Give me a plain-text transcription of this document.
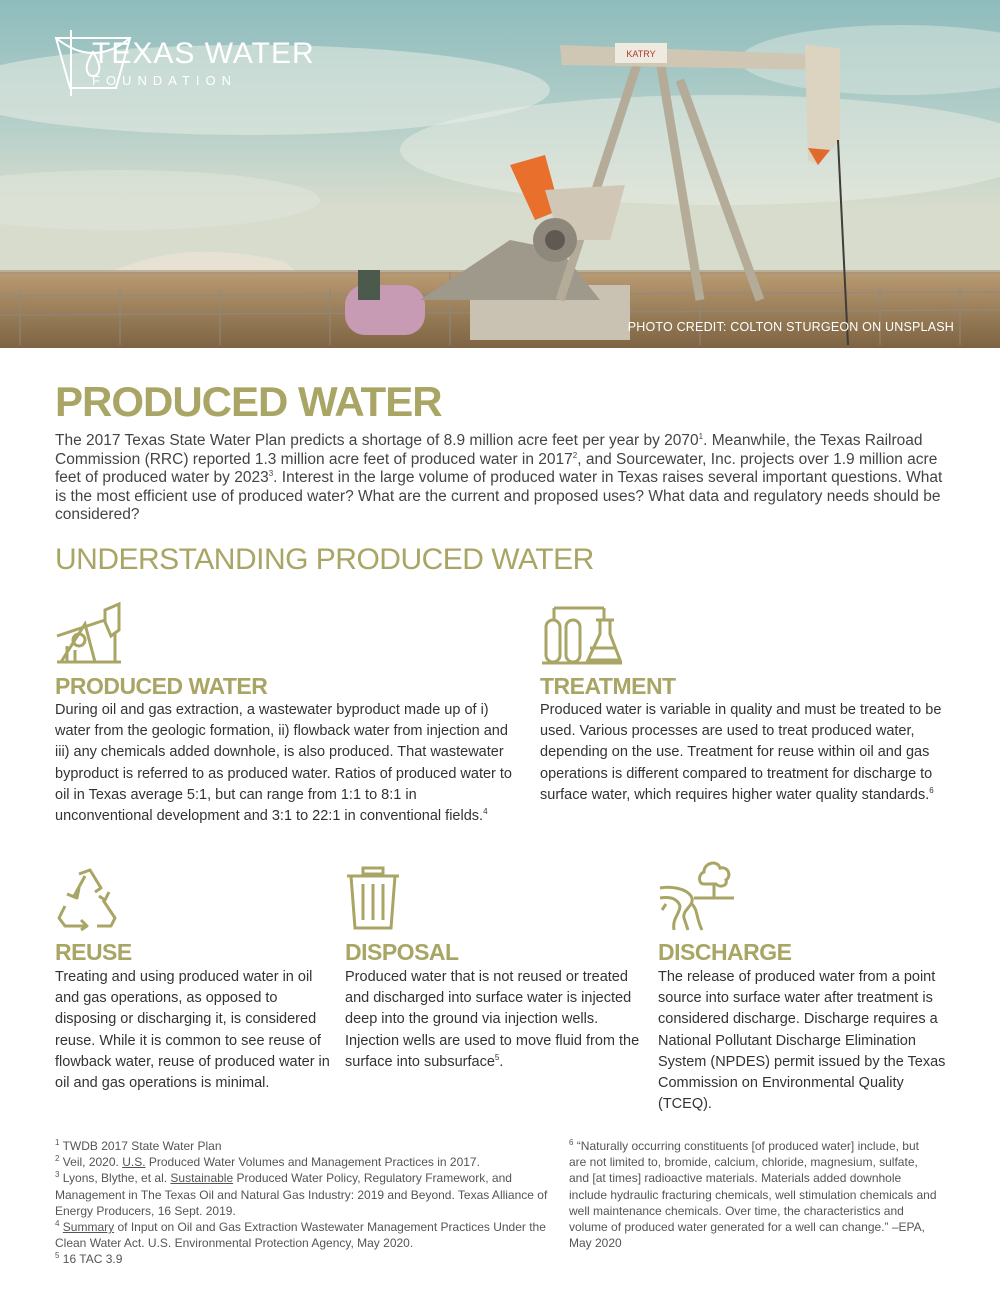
KATRY
TEXAS WATER
FOUNDATION
PHOTO CREDIT: COLTON STURGEON ON UNSPLASH
PRODUCED WATER
The 2017 Texas State Water Plan predicts a shortage of 8.9 million acre feet per year by 2070$^1$. Meanwhile, the Texas Railroad Commission (RRC) reported 1.3 million acre feet of produced water in 2017$^2$, and Sourcewater, Inc. projects over 1.9 million acre feet of produced water by 2023$^3$. Interest in the large volume of produced water in Texas raises several important questions. What is the most efficient use of produced water? What are the current and proposed uses? What data and regulatory needs should be considered?
UNDERSTANDING PRODUCED WATER
PRODUCED WATER
During oil and gas extraction, a wastewater byproduct made up of i) water from the geologic formation, ii) flowback water from injection and iii) any chemicals added downhole, is also produced. That wastewater byproduct is referred to as produced water. Ratios of produced water to oil in Texas average 5:1, but can range from 1:1 to 8:1 in unconventional development and 3:1 to 22:1 in conventional fields.$^4$
TREATMENT
Produced water is variable in quality and must be treated to be used. Various processes are used to treat produced water, depending on the use. Treatment for reuse within oil and gas operations is different compared to treatment for discharge to surface water, which requires higher water quality standards.$^6$
REUSE
Treating and using produced water in oil and gas operations, as opposed to disposing or discharging it, is considered reuse. While it is common to see reuse of flowback water, reuse of produced water in oil and gas operations is minimal.
DISPOSAL
Produced water that is not reused or treated and discharged into surface water is injected deep into the ground via injection wells. Injection wells are used to move fluid from the surface into subsurface$^5$.
DISCHARGE
The release of produced water from a point source into surface water after treatment is considered discharge. Discharge requires a National Pollutant Discharge Elimination System (NPDES) permit issued by the Texas Commission on Environmental Quality (TCEQ).
$^1$ TWDB 2017 State Water Plan
$^2$ Veil, 2020. U.S. Produced Water Volumes and Management Practices in 2017.
$^3$ Lyons, Blythe, et al. Sustainable Produced Water Policy, Regulatory Framework, and Management in The Texas Oil and Natural Gas Industry: 2019 and Beyond. Texas Alliance of Energy Producers, 16 Sept. 2019.
$^4$ Summary of Input on Oil and Gas Extraction Wastewater Management Practices Under the Clean Water Act. U.S. Environmental Protection Agency, May 2020.
$^5$ 16 TAC 3.9
$^6$ “Naturally occurring constituents [of produced water] include, but are not limited to, bromide, calcium, chloride, magnesium, sulfate, and [at times] radioactive materials. Materials added downhole include hydraulic fracturing chemicals, well stimulation chemicals and well maintenance chemicals. Over time, the characteristics and volume of produced water generated for a well can change.” –EPA, May 2020
